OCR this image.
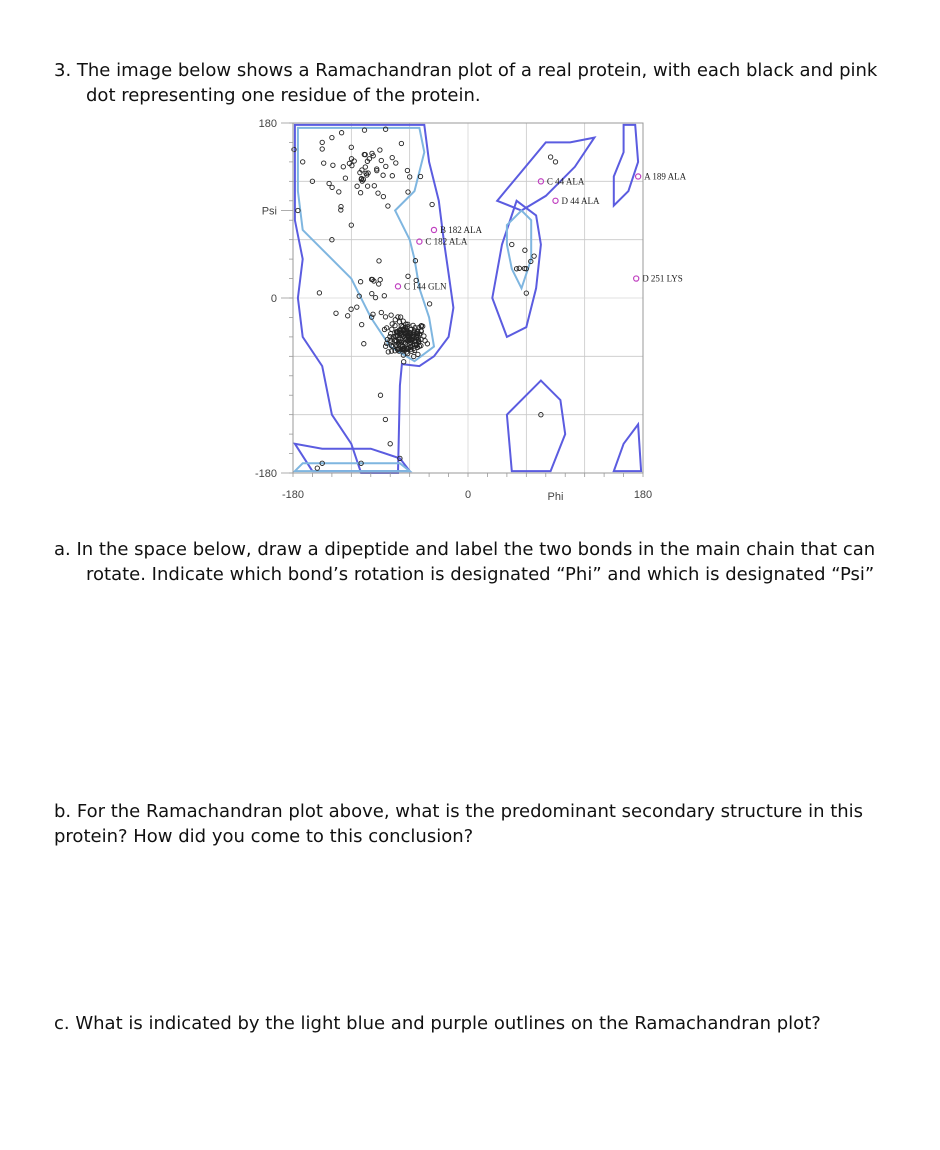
3. The image below shows a Ramachandran plot of a real protein, with each black and pink
dot representing one residue of the protein.
C 44 ALA
D 44 ALA
A 189 ALA
B 182 ALA
C 182 ALA
C 144 GLN
D 251 LYS
-180	0	180
180
0
-180
Phi
Psi
a. In the space below, draw a dipeptide and label the two bonds in the main chain that can
rotate. Indicate which bond’s rotation is designated “Phi” and which is designated “Psi”
b. For the Ramachandran plot above, what is the predominant secondary structure in this
protein? How did you come to this conclusion?
c. What is indicated by the light blue and purple outlines on the Ramachandran plot?
